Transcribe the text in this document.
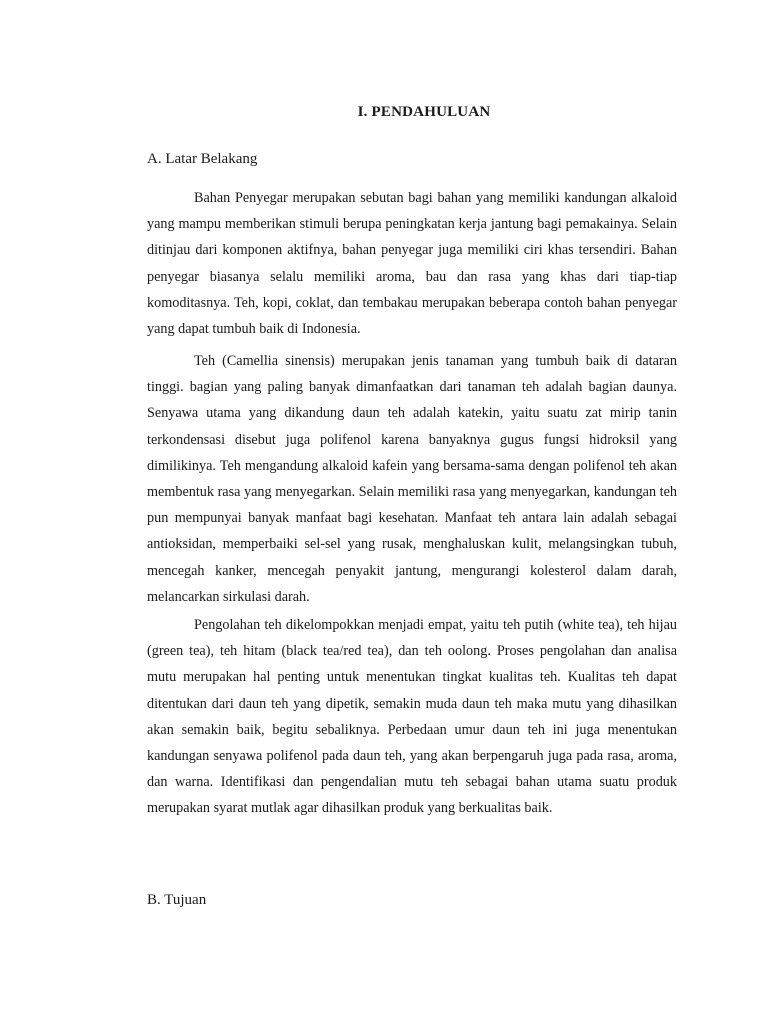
I. PENDAHULUAN
A. Latar Belakang

Bahan Penyegar merupakan sebutan bagi bahan yang memiliki kandungan alkaloid yang mampu memberikan stimuli berupa peningkatan kerja jantung bagi pemakainya. Selain ditinjau dari komponen aktifnya, bahan penyegar juga memiliki ciri khas tersendiri. Bahan penyegar biasanya selalu memiliki aroma, bau dan rasa yang khas dari tiap-tiap komoditasnya. Teh, kopi, coklat, dan tembakau merupakan beberapa contoh bahan penyegar yang dapat tumbuh baik di Indonesia.

Teh (Camellia sinensis) merupakan jenis tanaman yang tumbuh baik di dataran tinggi. bagian yang paling banyak dimanfaatkan dari tanaman teh adalah bagian daunya. Senyawa utama yang dikandung daun teh adalah katekin, yaitu suatu zat mirip tanin terkondensasi disebut juga polifenol karena banyaknya gugus fungsi hidroksil yang dimilikinya. Teh mengandung alkaloid kafein yang bersama-sama dengan polifenol teh akan membentuk rasa yang menyegarkan. Selain memiliki rasa yang menyegarkan, kandungan teh pun mempunyai banyak manfaat bagi kesehatan. Manfaat teh antara lain adalah sebagai antioksidan, memperbaiki sel-sel yang rusak, menghaluskan kulit, melangsingkan tubuh, mencegah kanker, mencegah penyakit jantung, mengurangi kolesterol dalam darah, melancarkan sirkulasi darah.

Pengolahan teh dikelompokkan menjadi empat, yaitu teh putih (white tea), teh hijau (green tea), teh hitam (black tea/red tea), dan teh oolong. Proses pengolahan dan analisa mutu merupakan hal penting untuk menentukan tingkat kualitas teh. Kualitas teh dapat ditentukan dari daun teh yang dipetik, semakin muda daun teh maka mutu yang dihasilkan akan semakin baik, begitu sebaliknya. Perbedaan umur daun teh ini juga menentukan kandungan senyawa polifenol pada daun teh, yang akan berpengaruh juga pada rasa, aroma, dan warna. Identifikasi dan pengendalian mutu teh sebagai bahan utama suatu produk merupakan syarat mutlak agar dihasilkan produk yang berkualitas baik.

B. Tujuan
